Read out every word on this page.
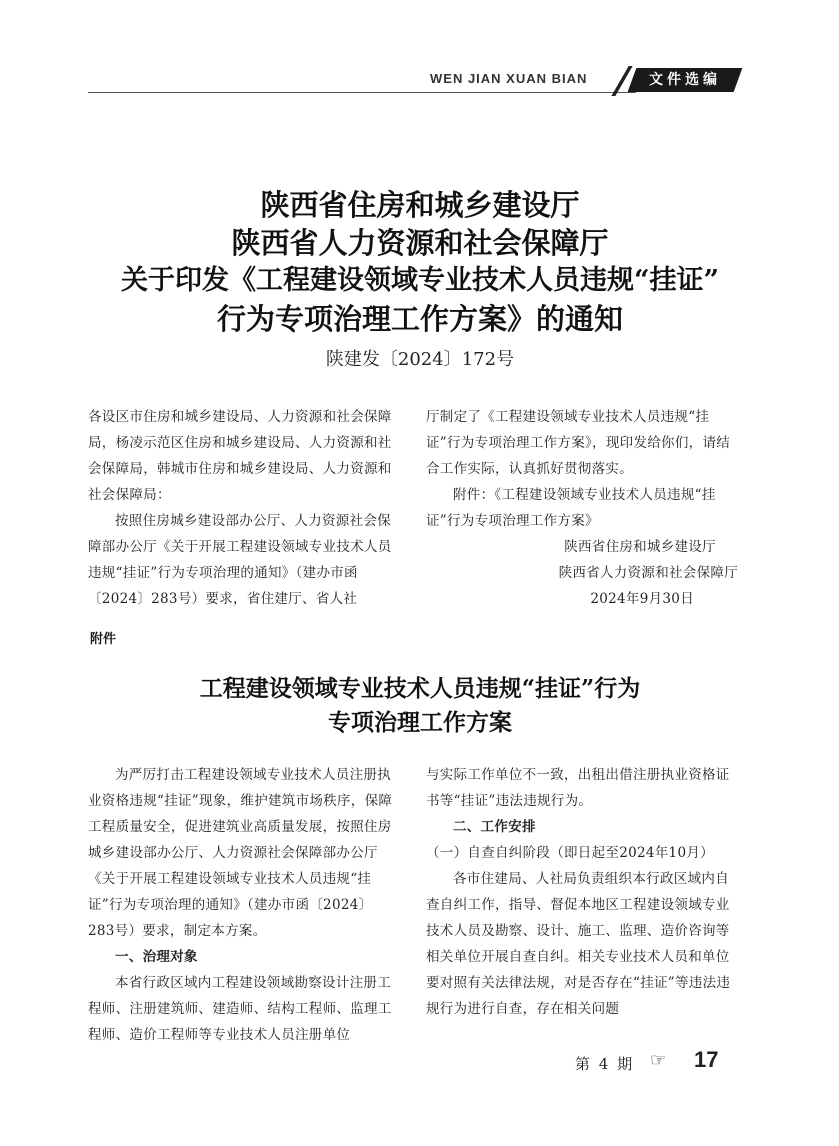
WEN JIAN XUAN BIAN	文件选编
陕西省住房和城乡建设厅
陕西省人力资源和社会保障厅
关于印发《工程建设领域专业技术人员违规“挂证”
行为专项治理工作方案》的通知
陕建发〔2024〕172号

各设区市住房和城乡建设局、人力资源和社会保障局，杨凌示范区住房和城乡建设局、人力资源和社会保障局，韩城市住房和城乡建设局、人力资源和社会保障局：

按照住房城乡建设部办公厅、人力资源社会保障部办公厅《关于开展工程建设领域专业技术人员违规“挂证”行为专项治理的通知》（建办市函〔2024〕283号）要求，省住建厅、省人社

厅制定了《工程建设领域专业技术人员违规“挂证”行为专项治理工作方案》，现印发给你们，请结合工作实际，认真抓好贯彻落实。

附件：《工程建设领域专业技术人员违规“挂证”行为专项治理工作方案》

陕西省住房和城乡建设厅

陕西省人力资源和社会保障厅

2024年9月30日

附件
工程建设领域专业技术人员违规“挂证”行为
专项治理工作方案

为严厉打击工程建设领域专业技术人员注册执业资格违规“挂证”现象，维护建筑市场秩序，保障工程质量安全，促进建筑业高质量发展，按照住房城乡建设部办公厅、人力资源社会保障部办公厅《关于开展工程建设领域专业技术人员违规“挂证”行为专项治理的通知》（建办市函〔2024〕283号）要求，制定本方案。

一、治理对象

本省行政区域内工程建设领域勘察设计注册工程师、注册建筑师、建造师、结构工程师、监理工程师、造价工程师等专业技术人员注册单位

与实际工作单位不一致，出租出借注册执业资格证书等“挂证”违法违规行为。

二、工作安排

（一）自查自纠阶段（即日起至2024年10月）

各市住建局、人社局负责组织本行政区域内自查自纠工作，指导、督促本地区工程建设领域专业技术人员及勘察、设计、施工、监理、造价咨询等相关单位开展自查自纠。相关专业技术人员和单位要对照有关法律法规，对是否存在“挂证”等违法违规行为进行自查，存在相关问题

第 4 期 ☞ 17
